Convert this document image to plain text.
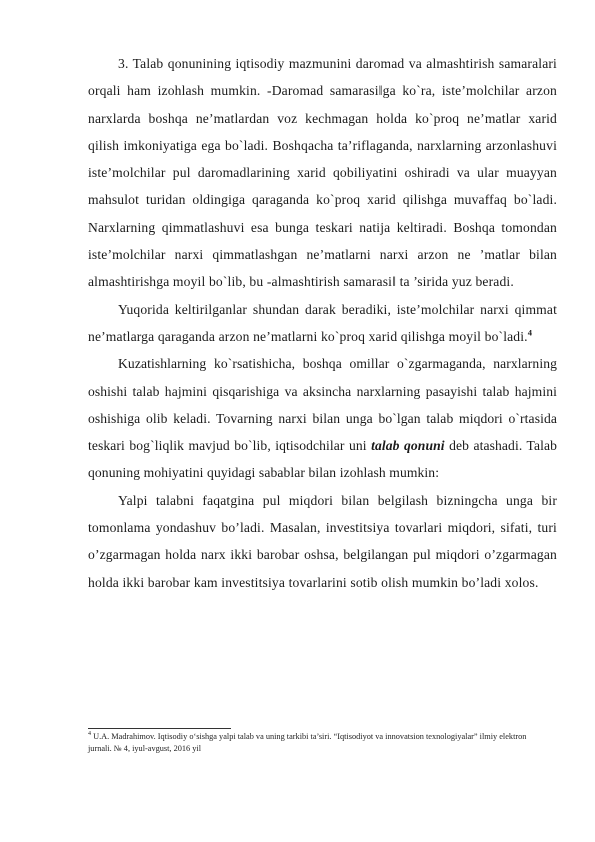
3. Talab qonunining iqtisodiy mazmunini daromad va almashtirish samaralari orqali ham izohlash mumkin. -Daromad samarasi‖ga ko`ra, iste’molchilar arzon narxlarda boshqa ne’matlardan voz kechmagan holda ko`proq ne’matlar xarid qilish imkoniyatiga ega bo`ladi. Boshqacha ta’riflaganda, narxlarning arzonlashuvi iste’molchilar pul daromadlarining xarid qobiliyatini oshiradi va ular muayyan mahsulot turidan oldingiga qaraganda ko`proq xarid qilishga muvaffaq bo`ladi. Narxlarning qimmatlashuvi esa bunga teskari natija keltiradi. Boshqa tomondan iste’molchilar narxi qimmatlashgan ne’matlarni narxi arzon ne ’matlar bilan almashtirishga moyil bo`lib, bu -almashtirish samarasi‖ ta ’sirida yuz beradi.

Yuqorida keltirilganlar shundan darak beradiki, iste’molchilar narxi qimmat ne’matlarga qaraganda arzon ne’matlarni ko`proq xarid qilishga moyil bo`ladi.$^4$

Kuzatishlarning ko`rsatishicha, boshqa omillar o`zgarmaganda, narxlarning oshishi talab hajmini qisqarishiga va aksincha narxlarning pasayishi talab hajmini oshishiga olib keladi. Tovarning narxi bilan unga bo`lgan talab miqdori o`rtasida teskari bog`liqlik mavjud bo`lib, iqtisodchilar uni talab qonuni deb atashadi. Talab qonuning mohiyatini quyidagi sabablar bilan izohlash mumkin:

Yalpi talabni faqatgina pul miqdori bilan belgilash bizningcha unga bir tomonlama yondashuv bo’ladi. Masalan, investitsiya tovarlari miqdori, sifati, turi o’zgarmagan holda narx ikki barobar oshsa, belgilangan pul miqdori o’zgarmagan holda ikki barobar kam investitsiya tovarlarini sotib olish mumkin bo’ladi xolos.

$^4$ U.A. Madrahimov. Iqtisodiy o‘sishga yalpi talab va uning tarkibi ta’siri. “Iqtisodiyot va innovatsion texnologiyalar” ilmiy elektron jurnali. № 4, iyul-avgust, 2016 yil
